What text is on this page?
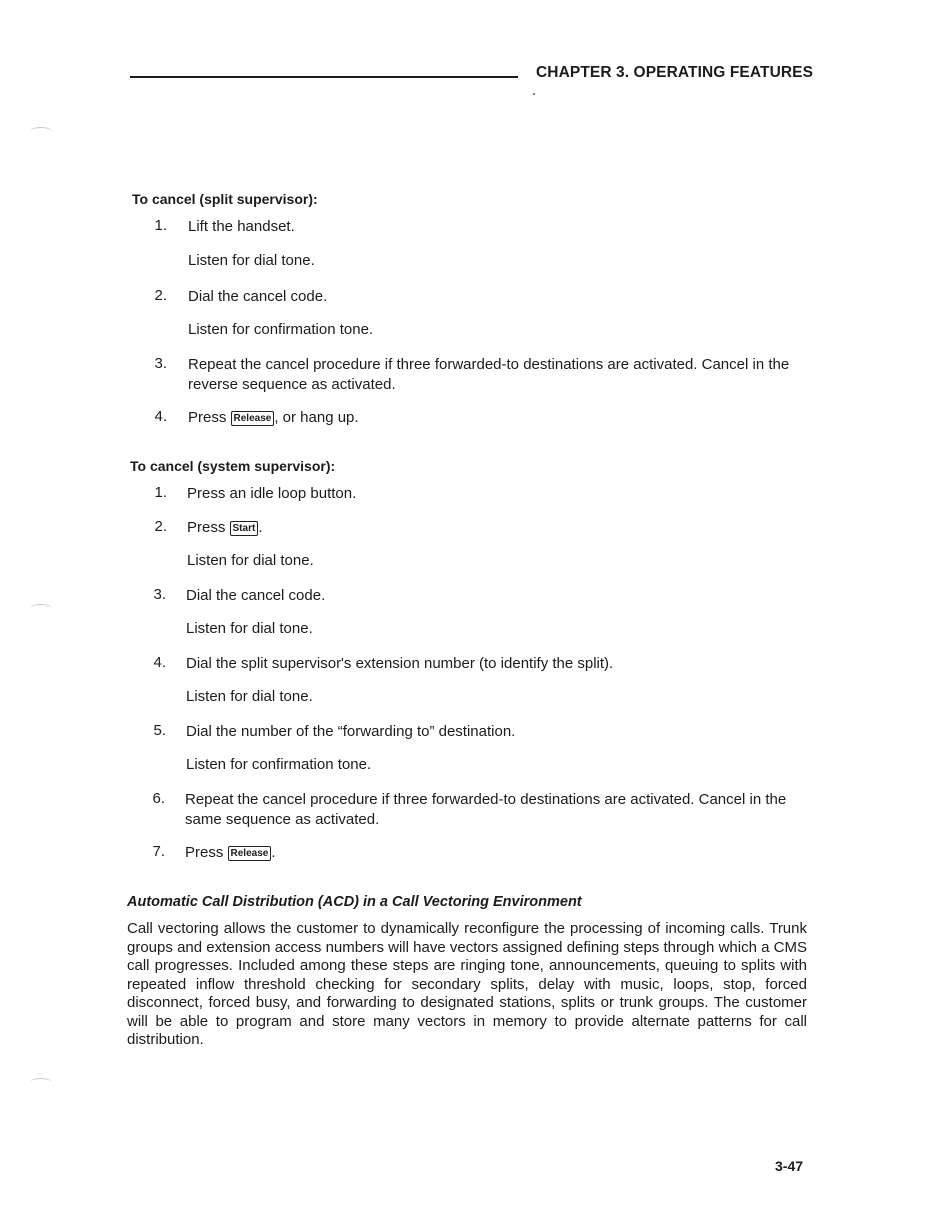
CHAPTER 3. OPERATING FEATURES
To cancel (split supervisor):
1. Lift the handset.
Listen for dial tone.
2. Dial the cancel code.
Listen for confirmation tone.
3. Repeat the cancel procedure if three forwarded-to destinations are activated. Cancel in the reverse sequence as activated.
4. Press Release , or hang up.
To cancel (system supervisor):
1. Press an idle loop button.
2. Press Start .
Listen for dial tone.
3. Dial the cancel code.
Listen for dial tone.
4. Dial the split supervisor's extension number (to identify the split).
Listen for dial tone.
5. Dial the number of the “forwarding to” destination.
Listen for confirmation tone.
6. Repeat the cancel procedure if three forwarded-to destinations are activated. Cancel in the same sequence as activated.
7. Press Release .
Automatic Call Distribution (ACD) in a Call Vectoring Environment
Call vectoring allows the customer to dynamically reconfigure the processing of incoming calls. Trunk groups and extension access numbers will have vectors assigned defining steps through which a CMS call progresses. Included among these steps are ringing tone, announcements, queuing to splits with repeated inflow threshold checking for secondary splits, delay with music, loops, stop, forced disconnect, forced busy, and forwarding to designated stations, splits or trunk groups. The customer will be able to program and store many vectors in memory to provide alternate patterns for call distribution.
3-47
